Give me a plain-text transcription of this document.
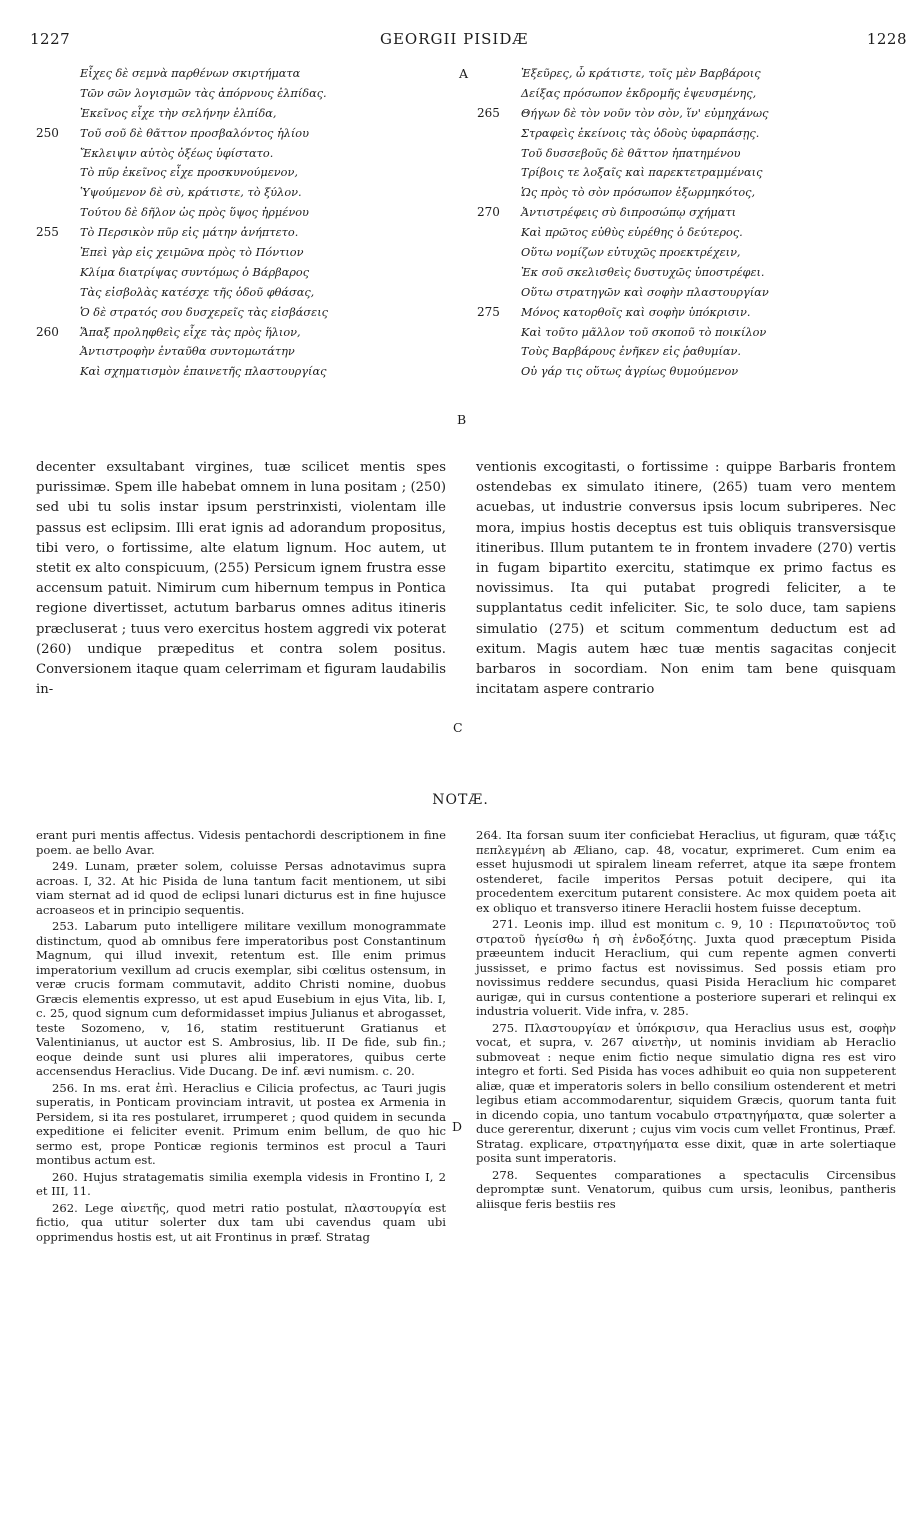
1227	GEORGII PISIDÆ	1228
Εἶχες δὲ σεμνὰ παρθένων σκιρτήματα
Τῶν σῶν λογισμῶν τὰς ἀπόρνους ἐλπίδας.
Ἐκεῖνος εἶχε τὴν σελήνην ἐλπίδα,
250 Τοῦ σοῦ δὲ θᾶττον προσβαλόντος ἡλίου
Ἔκλειψιν αὐτὸς ὀξέως ὑφίστατο.
Τὸ πῦρ ἐκεῖνος εἶχε προσκυνούμενον,
Ὑψούμενον δὲ σὺ, κράτιστε, τὸ ξύλον.
Τούτου δὲ δῆλον ὡς πρὸς ὕψος ἠρμένου
255 Τὸ Περσικὸν πῦρ εἰς μάτην ἀνήπτετο.
Ἐπεὶ γὰρ εἰς χειμῶνα πρὸς τὸ Πόντιον
Κλίμα διατρίψας συντόμως ὁ Βάρβαρος
Τὰς εἰσβολὰς κατέσχε τῆς ὁδοῦ φθάσας,
Ὁ δὲ στρατός σου δυσχερεῖς τὰς εἰσβάσεις
260 Ἅπαξ προληφθεὶς εἶχε τὰς πρὸς ἥλιον,
Ἀντιστροφὴν ἐνταῦθα συντομωτάτην
Καὶ σχηματισμὸν ἐπαινετῆς πλαστουργίας
Ἐξεῦρες, ὦ κράτιστε, τοῖς μὲν Βαρβάροις
Δείξας πρόσωπον ἐκδρομῆς ἐψευσμένης,
265 Θήγων δὲ τὸν νοῦν τὸν σὸν, ἵν' εὐμηχάνως
Στραφεὶς ἐκείνοις τὰς ὁδοὺς ὑφαρπάσῃς.
Τοῦ δυσσεβοῦς δὲ θᾶττον ἠπατημένου
Τρίβοις τε λοξαῖς καὶ παρεκτετραμμέναις
Ὡς πρὸς τὸ σὸν πρόσωπον ἐξωρμηκότος,
270 Ἀντιστρέφεις σὺ διπροσώπῳ σχήματι
Καὶ πρῶτος εὐθὺς εὑρέθης ὁ δεύτερος.
Οὕτω νομίζων εὐτυχῶς προεκτρέχειν,
Ἐκ σοῦ σκελισθεὶς δυστυχῶς ὑποστρέφει.
Οὕτω στρατηγῶν καὶ σοφὴν πλαστουργίαν
275 Μόνος κατορθοῖς καὶ σοφὴν ὑπόκρισιν.
Καὶ τοῦτο μᾶλλον τοῦ σκοποῦ τὸ ποικίλον
Τοὺς Βαρβάρους ἐνῆκεν εἰς ῥαθυμίαν.
Οὐ γάρ τις οὕτως ἀγρίως θυμούμενον
A
B
C
D

decenter exsultabant virgines, tuæ scilicet mentis spes purissimæ. Spem ille habebat omnem in luna positam ; (250) sed ubi tu solis instar ipsum perstrinxisti, violentam ille passus est eclipsim. Illi erat ignis ad adorandum propositus, tibi vero, o fortissime, alte elatum lignum. Hoc autem, ut stetit ex alto conspicuum, (255) Persicum ignem frustra esse accensum patuit. Nimirum cum hibernum tempus in Pontica regione divertisset, actutum barbarus omnes aditus itineris præcluserat ; tuus vero exercitus hostem aggredi vix poterat (260) undique præpeditus et contra solem positus. Conversionem itaque quam celerrimam et figuram laudabilis in-

ventionis excogitasti, o fortissime : quippe Barbaris frontem ostendebas ex simulato itinere, (265) tuam vero mentem acuebas, ut industrie conversus ipsis locum subriperes. Nec mora, impius hostis deceptus est tuis obliquis transversisque itineribus. Illum putantem te in frontem invadere (270) vertis in fugam bipartito exercitu, statimque ex primo factus es novissimus. Ita qui putabat progredi feliciter, a te supplantatus cedit infeliciter. Sic, te solo duce, tam sapiens simulatio (275) et scitum commentum deductum est ad exitum. Magis autem hæc tuæ mentis sagacitas conjecit barbaros in socordiam. Non enim tam bene quisquam incitatam aspere contrario

NOTÆ.

erant puri mentis affectus. Videsis pentachordi descriptionem in fine poem. ae bello Avar.

249. Lunam, præter solem, coluisse Persas adnotavimus supra acroas. I, 32. At hic Pisida de luna tantum facit mentionem, ut sibi viam sternat ad id quod de eclipsi lunari dicturus est in fine hujusce acroaseos et in principio sequentis.

253. Labarum puto intelligere militare vexillum monogrammate distinctum, quod ab omnibus fere imperatoribus post Constantinum Magnum, qui illud invexit, retentum est. Ille enim primus imperatorium vexillum ad crucis exemplar, sibi cœlitus ostensum, in veræ crucis formam commutavit, addito Christi nomine, duobus Græcis elementis expresso, ut est apud Eusebium in ejus Vita, lib. I, c. 25, quod signum cum deformidasset impius Julianus et abrogasset, teste Sozomeno, v, 16, statim restituerunt Gratianus et Valentinianus, ut auctor est S. Ambrosius, lib. II De fide, sub fin.; eoque deinde sunt usi plures alii imperatores, quibus certe accensendus Heraclius. Vide Ducang. De inf. ævi numism. c. 20.

256. In ms. erat ἐπὶ. Heraclius e Cilicia profectus, ac Tauri jugis superatis, in Ponticam provinciam intravit, ut postea ex Armenia in Persidem, si ita res postularet, irrumperet ; quod quidem in secunda expeditione ei feliciter evenit. Primum enim bellum, de quo hic sermo est, prope Ponticæ regionis terminos est procul a Tauri montibus actum est.

260. Hujus stratagematis similia exempla videsis in Frontino I, 2 et III, 11.

262. Lege αἰνετῆς, quod metri ratio postulat, πλαστουργία est fictio, qua utitur solerter dux tam ubi cavendus quam ubi opprimendus hostis est, ut ait Frontinus in præf. Stratag

264. Ita forsan suum iter conficiebat Heraclius, ut figuram, quæ τάξις πεπλεγμένη ab Æliano, cap. 48, vocatur, exprimeret. Cum enim ea esset hujusmodi ut spiralem lineam referret, atque ita sæpe frontem ostenderet, facile imperitos Persas potuit decipere, qui ita procedentem exercitum putarent consistere. Ac mox quidem poeta ait ex obliquo et transverso itinere Heraclii hostem fuisse deceptum.

271. Leonis imp. illud est monitum c. 9, 10 : Περιπατοῦντος τοῦ στρατοῦ ἡγείσθω ἡ σὴ ἐνδοξότης. Juxta quod præceptum Pisida præeuntem inducit Heraclium, qui cum repente agmen converti jussisset, e primo factus est novissimus. Sed possis etiam pro novissimus reddere secundus, quasi Pisida Heraclium hic comparet aurigæ, qui in cursus contentione a posteriore superari et relinqui ex industria voluerit. Vide infra, v. 285.

275. Πλαστουργίαν et ὑπόκρισιν, qua Heraclius usus est, σοφὴν vocat, et supra, v. 267 αἰνετὴν, ut nominis invidiam ab Heraclio submoveat : neque enim fictio neque simulatio digna res est viro integro et forti. Sed Pisida has voces adhibuit eo quia non suppeterent aliæ, quæ et imperatoris solers in bello consilium ostenderent et metri legibus etiam accommodarentur, siquidem Græcis, quorum tanta fuit in dicendo copia, uno tantum vocabulo στρατηγήματα, quæ solerter a duce gererentur, dixerunt ; cujus vim vocis cum vellet Frontinus, Præf. Stratag. explicare, στρατηγήματα esse dixit, quæ in arte solertiaque posita sunt imperatoris.

278. Sequentes comparationes a spectaculis Circensibus depromptæ sunt. Venatorum, quibus cum ursis, leonibus, pantheris aliisque feris bestiis res
